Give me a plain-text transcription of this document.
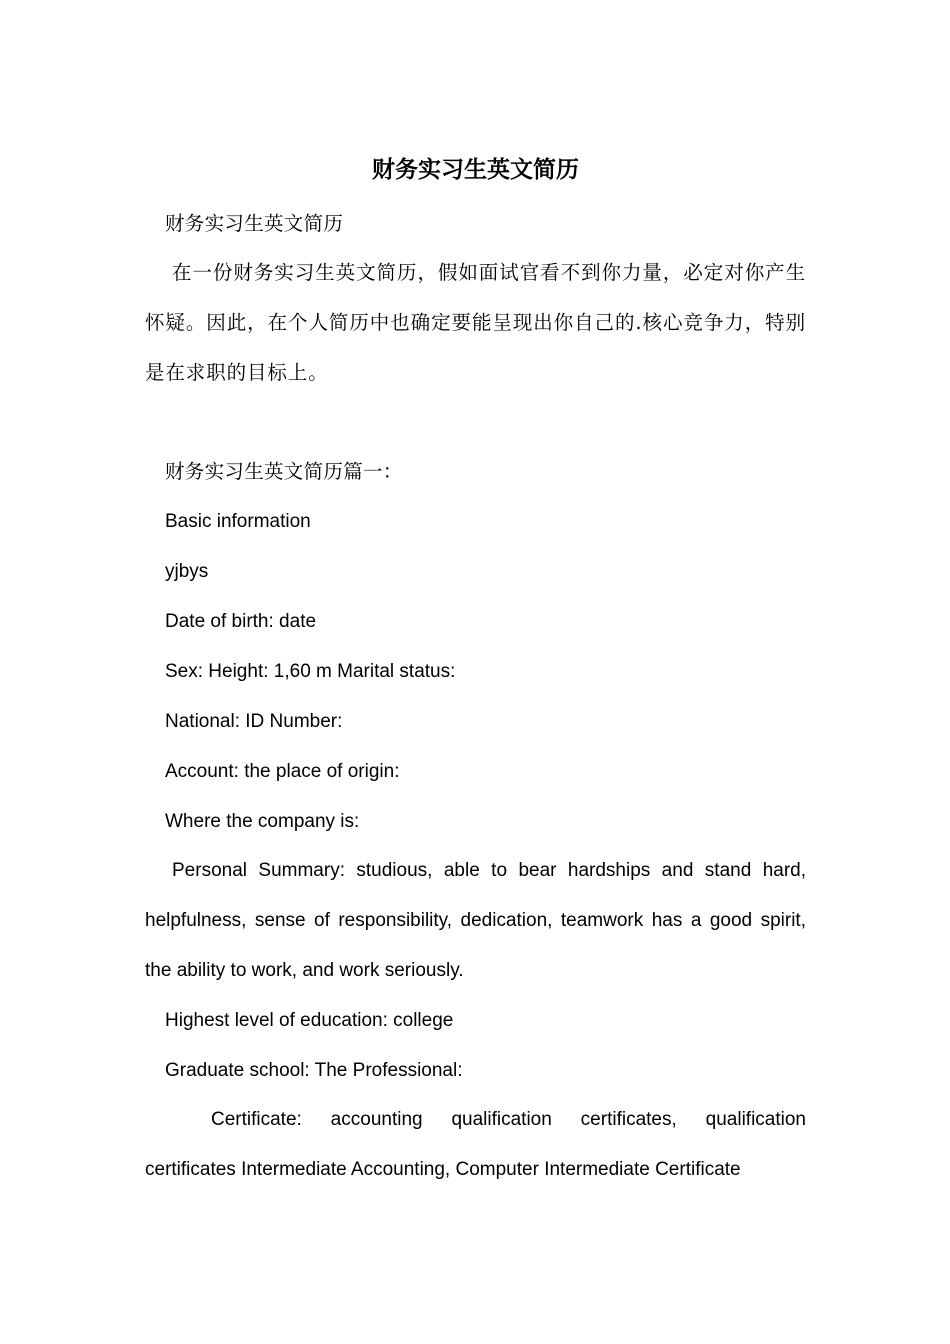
财务实习生英文简历
财务实习生英文简历
在一份财务实习生英文简历，假如面试官看不到你力量，必定对你产生怀疑。因此，在个人简历中也确定要能呈现出你自己的.核心竞争力，特别是在求职的目标上。
财务实习生英文简历篇一：
Basic information
yjbys
Date of birth: date
Sex: Height: 1,60 m Marital status:
National: ID Number:
Account: the place of origin:
Where the company is:
Personal Summary: studious, able to bear hardships and stand hard, helpfulness, sense of responsibility, dedication, teamwork has a good spirit, the ability to work, and work seriously.
Highest level of education: college
Graduate school: The Professional:
Certificate: accounting qualification certificates, qualification certificates Intermediate Accounting, Computer Intermediate Certificate
